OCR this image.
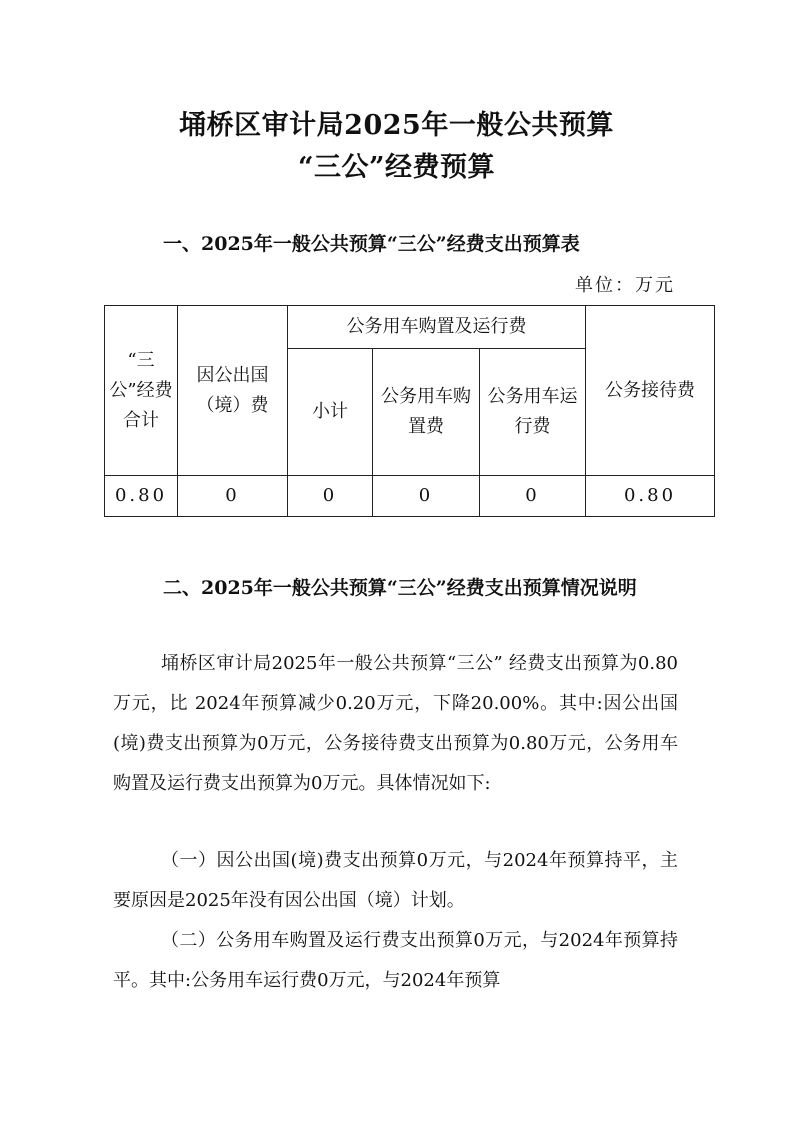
埇桥区审计局2025年一般公共预算
“三公”经费预算
一、2025年一般公共预算“三公”经费支出预算表
单位：万元
“三公”经费合计	因公出国（境）费	公务用车购置及运行费			公务接待费
		小计	公务用车购置费	公务用车运行费	
0.80	0	0	0	0	0.80
二、2025年一般公共预算“三公”经费支出预算情况说明
埇桥区审计局2025年一般公共预算“三公” 经费支出预算为0.80万元，比 2024年预算减少0.20万元，下降20.00%。其中:因公出国(境)费支出预算为0万元，公务接待费支出预算为0.80万元，公务用车购置及运行费支出预算为0万元。具体情况如下:
（一）因公出国(境)费支出预算0万元，与2024年预算持平，主要原因是2025年没有因公出国（境）计划。
（二）公务用车购置及运行费支出预算0万元，与2024年预算持平。其中:公务用车运行费0万元，与2024年预算
